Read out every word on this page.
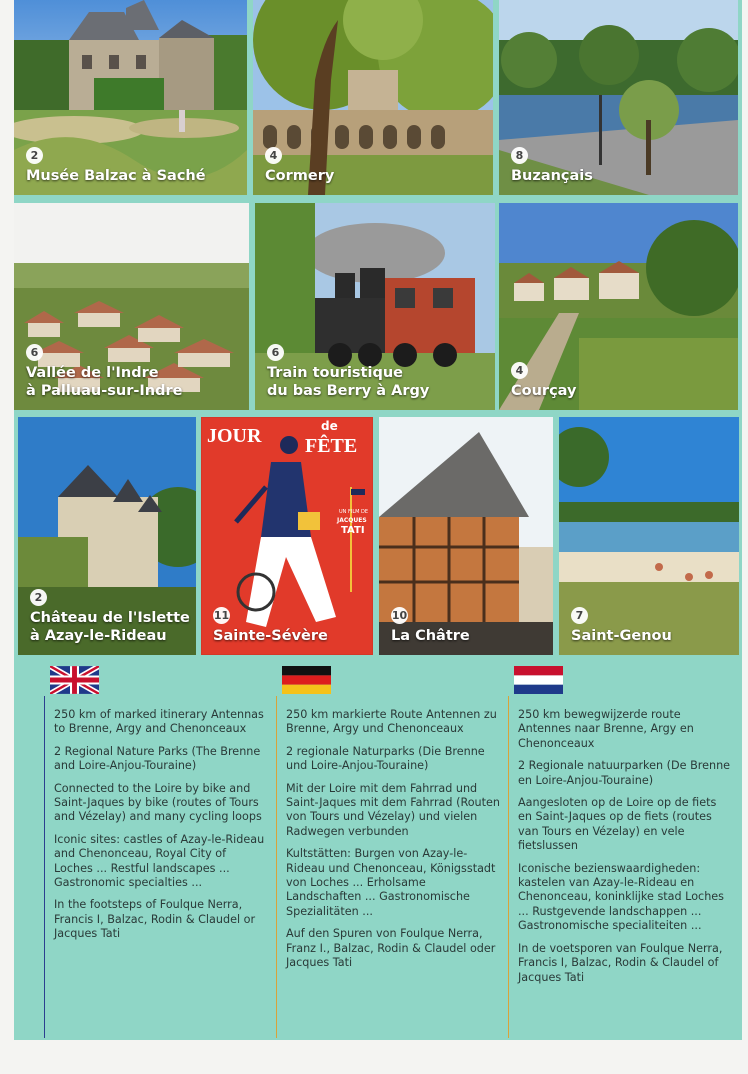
2
Musée Balzac à Saché
4
Cormery
8
Buzançais
6
Vallée de l'Indre
à Palluau-sur-Indre
6
Train touristique
du bas Berry à Argy
4
Courçay
2
Château de l'Islette
à Azay-le-Rideau
JOUR	de
FÊTE
UN FILM DE
JACQUES
TATI
11
Sainte-Sévère
10
La Châtre
7
Saint-Genou

250 km of marked itinerary Antennas to Brenne, Argy and Chenonceaux

2 Regional Nature Parks (The Brenne and Loire-Anjou-Touraine)

Connected to the Loire by bike and Saint-Jaques by bike (routes of Tours and Vézelay) and many cycling loops

Iconic sites: castles of Azay-le-Rideau and Chenonceau, Royal City of Loches ... Restful landscapes ... Gastronomic specialties ...

In the footsteps of Foulque Nerra, Francis I, Balzac, Rodin & Claudel or Jacques Tati

250 km markierte Route Antennen zu Brenne, Argy und Chenonceaux

2 regionale Naturparks (Die Brenne und Loire-Anjou-Touraine)

Mit der Loire mit dem Fahrrad und Saint-Jaques mit dem Fahrrad (Routen von Tours und Vézelay) und vielen Radwegen verbunden

Kultstätten: Burgen von Azay-le-Rideau und Chenonceau, Königsstadt von Loches ... Erholsame Landschaften ... Gastronomische Spezialitäten ...

Auf den Spuren von Foulque Nerra, Franz I., Balzac, Rodin & Claudel oder Jacques Tati

250 km bewegwijzerde route Antennes naar Brenne, Argy en Chenonceaux

2 Regionale natuurparken (De Brenne en Loire-Anjou-Touraine)

Aangesloten op de Loire op de fiets en Saint-Jaques op de fiets (routes van Tours en Vézelay) en vele fietslussen

Iconische bezienswaardigheden: kastelen van Azay-le-Rideau en Chenonceau, koninklijke stad Loches ... Rustgevende landschappen ... Gastronomische specialiteiten ...

In de voetsporen van Foulque Nerra, Francis I, Balzac, Rodin & Claudel of Jacques Tati
